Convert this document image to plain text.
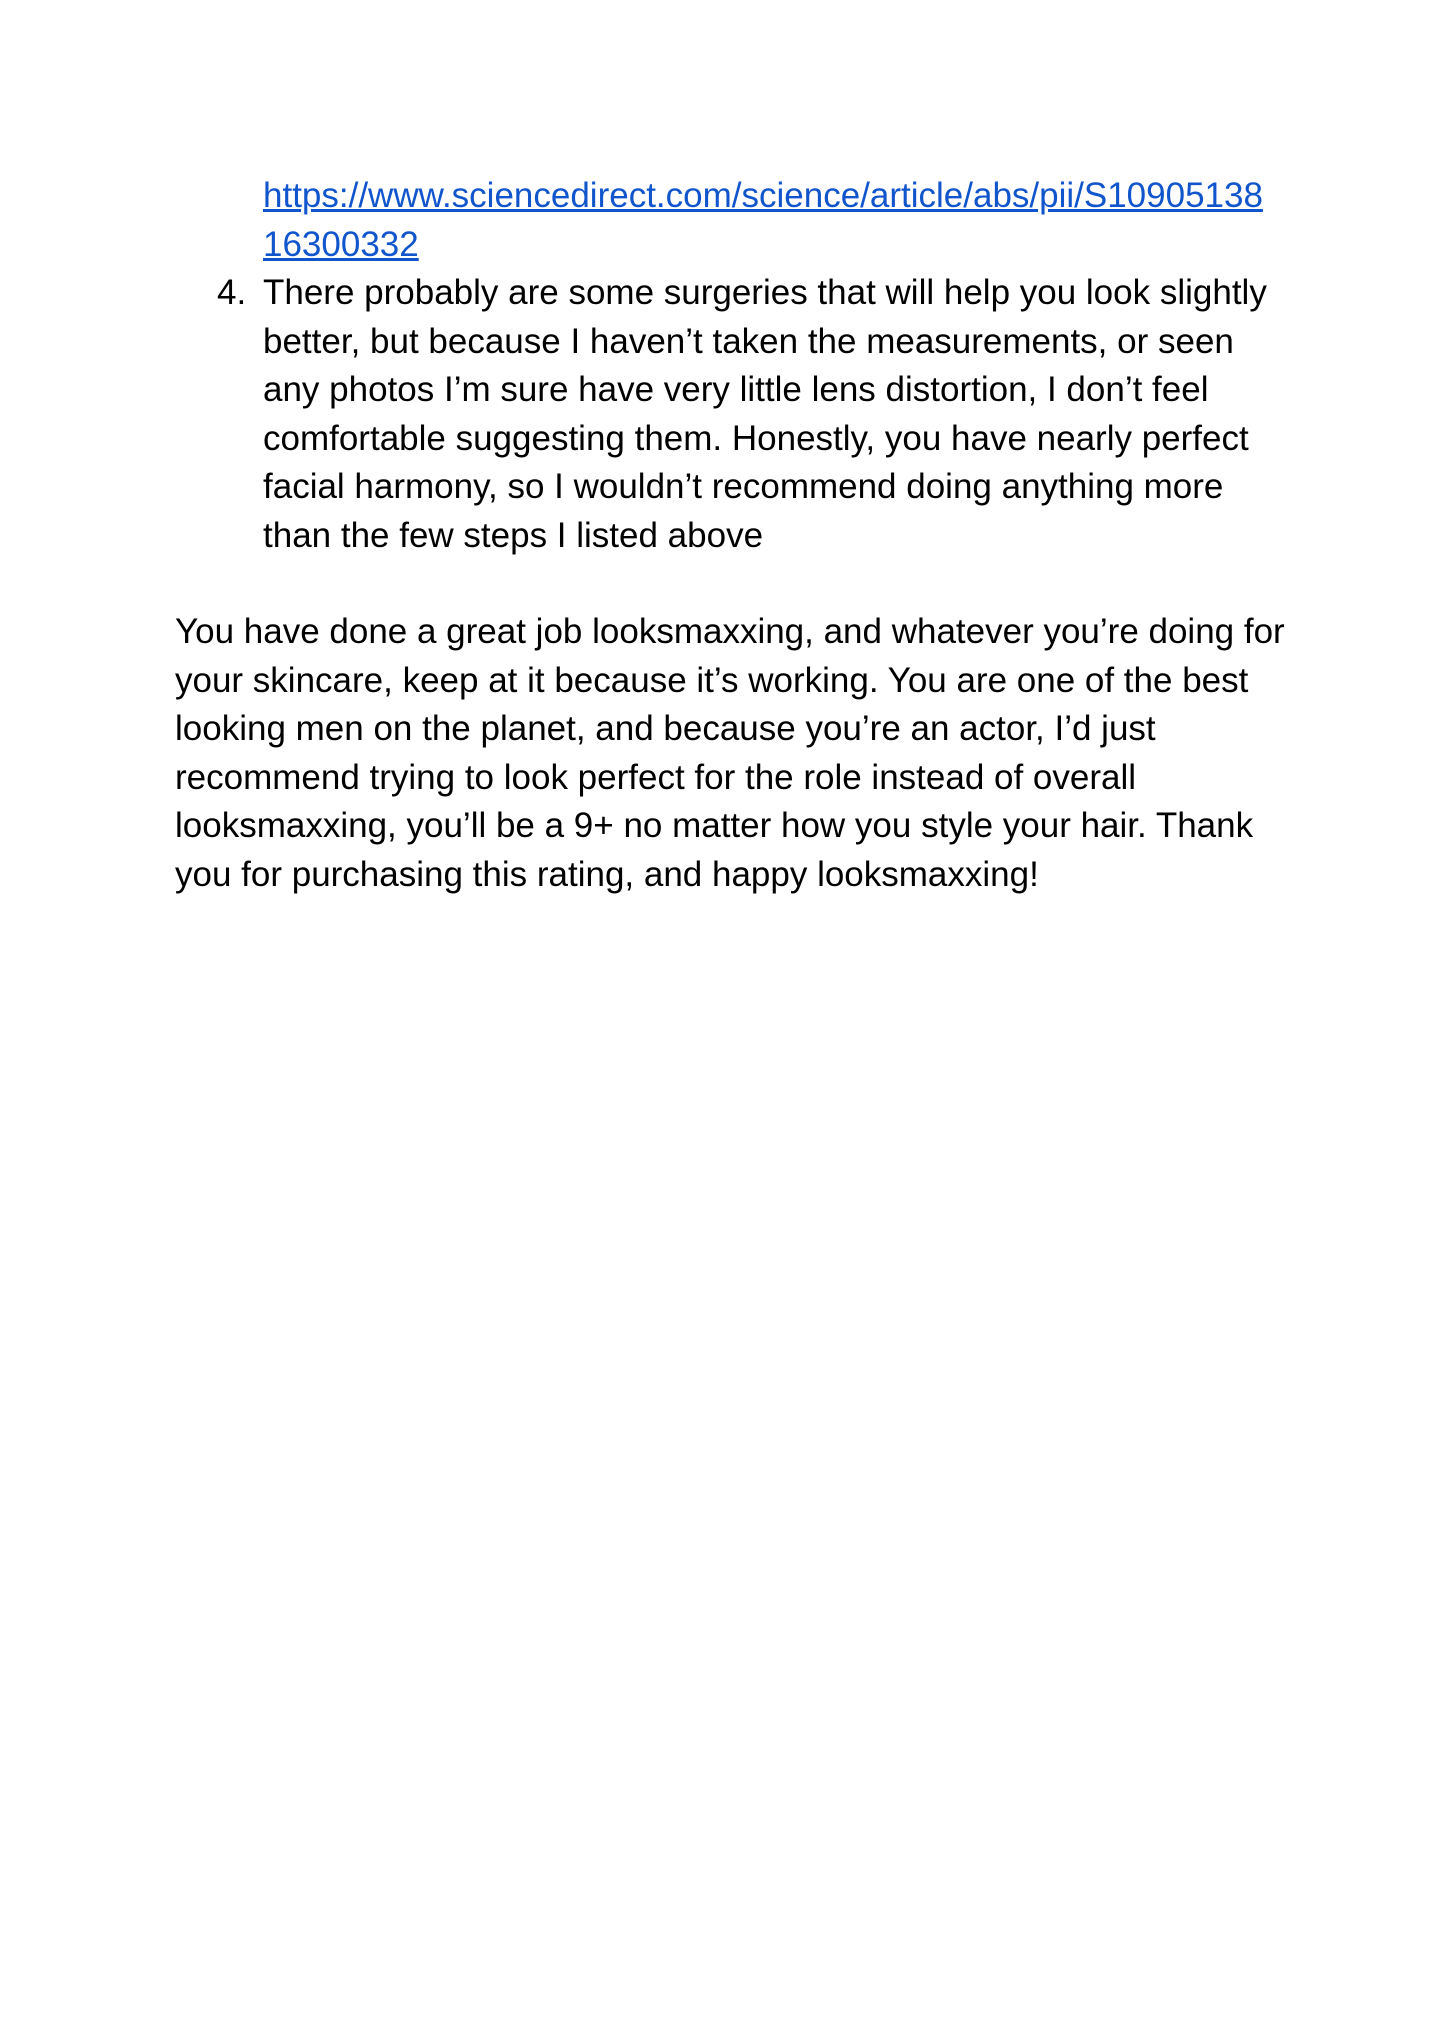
https://www.sciencedirect.com/science/article/abs/pii/S1090513816300332
4. There probably are some surgeries that will help you look slightly better, but because I haven’t taken the measurements, or seen any photos I’m sure have very little lens distortion, I don’t feel comfortable suggesting them. Honestly, you have nearly perfect facial harmony, so I wouldn’t recommend doing anything more than the few steps I listed above
You have done a great job looksmaxxing, and whatever you’re doing for your skincare, keep at it because it’s working. You are one of the best looking men on the planet, and because you’re an actor, I’d just recommend trying to look perfect for the role instead of overall looksmaxxing, you’ll be a 9+ no matter how you style your hair. Thank you for purchasing this rating, and happy looksmaxxing!
